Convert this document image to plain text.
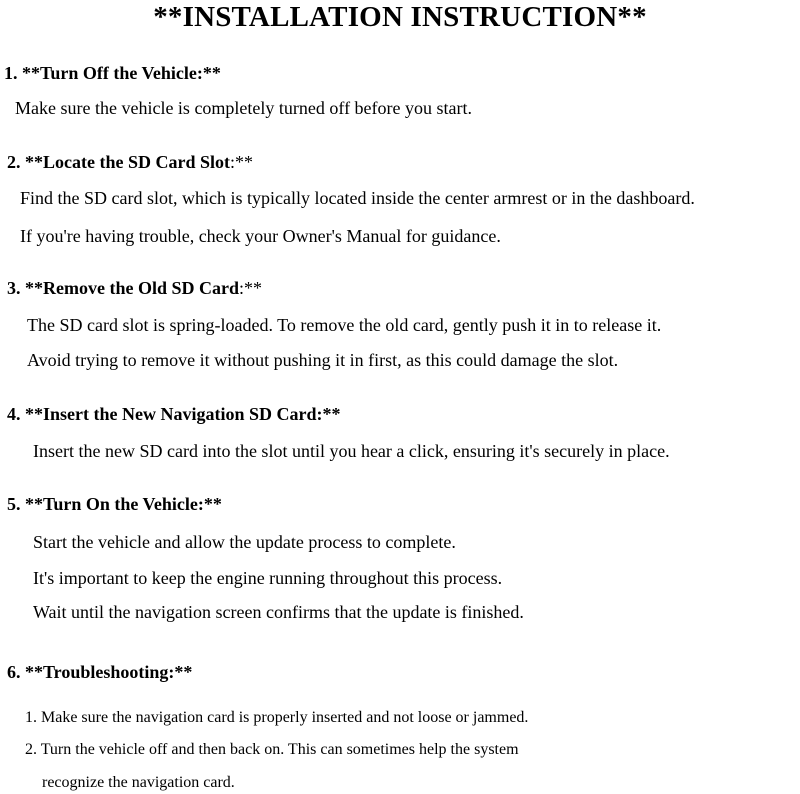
**INSTALLATION INSTRUCTION**
1. **Turn Off the Vehicle:**
Make sure the vehicle is completely turned off before you start.
2. **Locate the SD Card Slot:**
Find the SD card slot, which is typically located inside the center armrest or in the dashboard.
If you're having trouble, check your Owner's Manual for guidance.
3. **Remove the Old SD Card:**
The SD card slot is spring-loaded. To remove the old card, gently push it in to release it.
Avoid trying to remove it without pushing it in first, as this could damage the slot.
4. **Insert the New Navigation SD Card:**
Insert the new SD card into the slot until you hear a click, ensuring it's securely in place.
5. **Turn On the Vehicle:**
Start the vehicle and allow the update process to complete.
It's important to keep the engine running throughout this process.
Wait until the navigation screen confirms that the update is finished.
6. **Troubleshooting:**
1. Make sure the navigation card is properly inserted and not loose or jammed.
2. Turn the vehicle off and then back on. This can sometimes help the system
recognize the navigation card.
